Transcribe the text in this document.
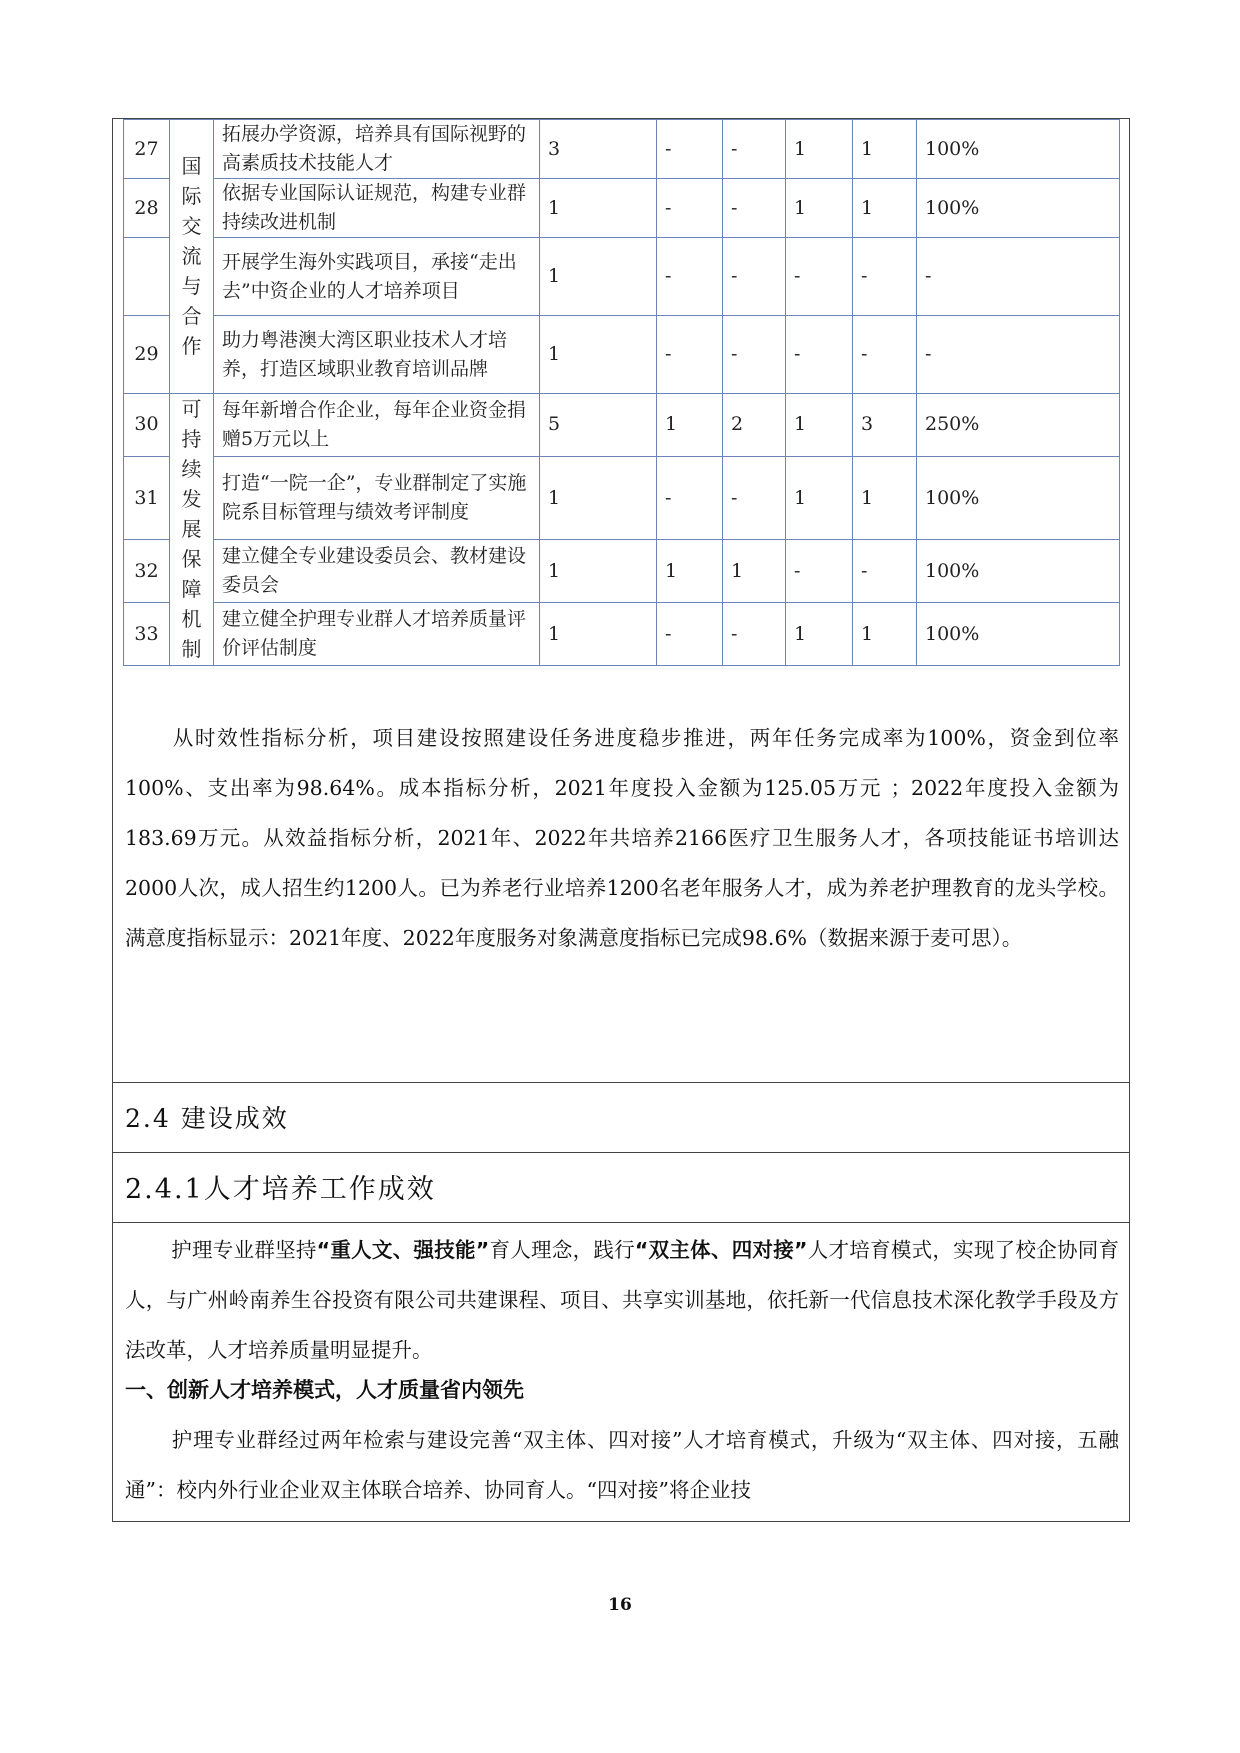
27	国际交流与合作	拓展办学资源，培养具有国际视野的高素质技术技能人才	3	-	-	1	1	100%
28		依据专业国际认证规范，构建专业群持续改进机制	1	-	-	1	1	100%
		开展学生海外实践项目，承接“走出去”中资企业的人才培养项目	1	-	-	-	-	-
29		助力粤港澳大湾区职业技术人才培养，打造区域职业教育培训品牌	1	-	-	-	-	-
30	可持续发展保障机制	每年新增合作企业，每年企业资金捐赠5万元以上	5	1	2	1	3	250%
31		打造“一院一企”，专业群制定了实施院系目标管理与绩效考评制度	1	-	-	1	1	100%
32		建立健全专业建设委员会、教材建设委员会	1	1	1	-	-	100%
33		建立健全护理专业群人才培养质量评价评估制度	1	-	-	1	1	100%

从时效性指标分析，项目建设按照建设任务进度稳步推进，两年任务完成率为100%，资金到位率100%、支出率为98.64%。成本指标分析，2021年度投入金额为125.05万元 ；2022年度投入金额为 183.69万元。从效益指标分析，2021年、2022年共培养2166医疗卫生服务人才，各项技能证书培训达2000人次，成人招生约1200人。已为养老行业培养1200名老年服务人才，成为养老护理教育的龙头学校。满意度指标显示：2021年度、2022年度服务对象满意度指标已完成98.6%（数据来源于麦可思）。

2.4 建设成效
2.4.1人才培养工作成效

护理专业群坚持“重人文、强技能”育人理念，践行“双主体、四对接”人才培育模式，实现了校企协同育人，与广州岭南养生谷投资有限公司共建课程、项目、共享实训基地，依托新一代信息技术深化教学手段及方法改革，人才培养质量明显提升。

一、创新人才培养模式，人才质量省内领先

护理专业群经过两年检索与建设完善“双主体、四对接”人才培育模式，升级为“双主体、四对接，五融通”：校内外行业企业双主体联合培养、协同育人。“四对接”将企业技

16
